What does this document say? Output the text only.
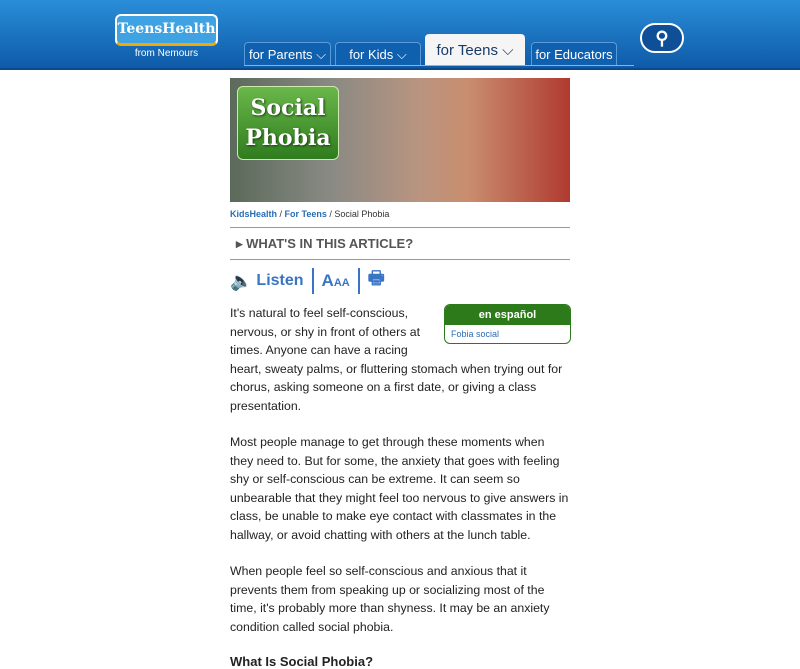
TeensHealth
from Nemours	for Parents ⌵	for Kids ⌵	for Teens ⌵	for Educators
⚲
Social
Phobia
KidsHealth / For Teens / Social Phobia
▸ WHAT'S IN THIS ARTICLE?
🔈 Listen AAA 🖶
en español
Fobia social

It's natural to feel self-conscious, nervous, or shy in front of others at times. Anyone can have a racing heart, sweaty palms, or fluttering stomach when trying out for chorus, asking someone on a first date, or giving a class presentation.

Most people manage to get through these moments when they need to. But for some, the anxiety that goes with feeling shy or self-conscious can be extreme. It can seem so unbearable that they might feel too nervous to give answers in class, be unable to make eye contact with classmates in the hallway, or avoid chatting with others at the lunch table.

When people feel so self-conscious and anxious that it prevents them from speaking up or socializing most of the time, it's probably more than shyness. It may be an anxiety condition called social phobia.

What Is Social Phobia?
